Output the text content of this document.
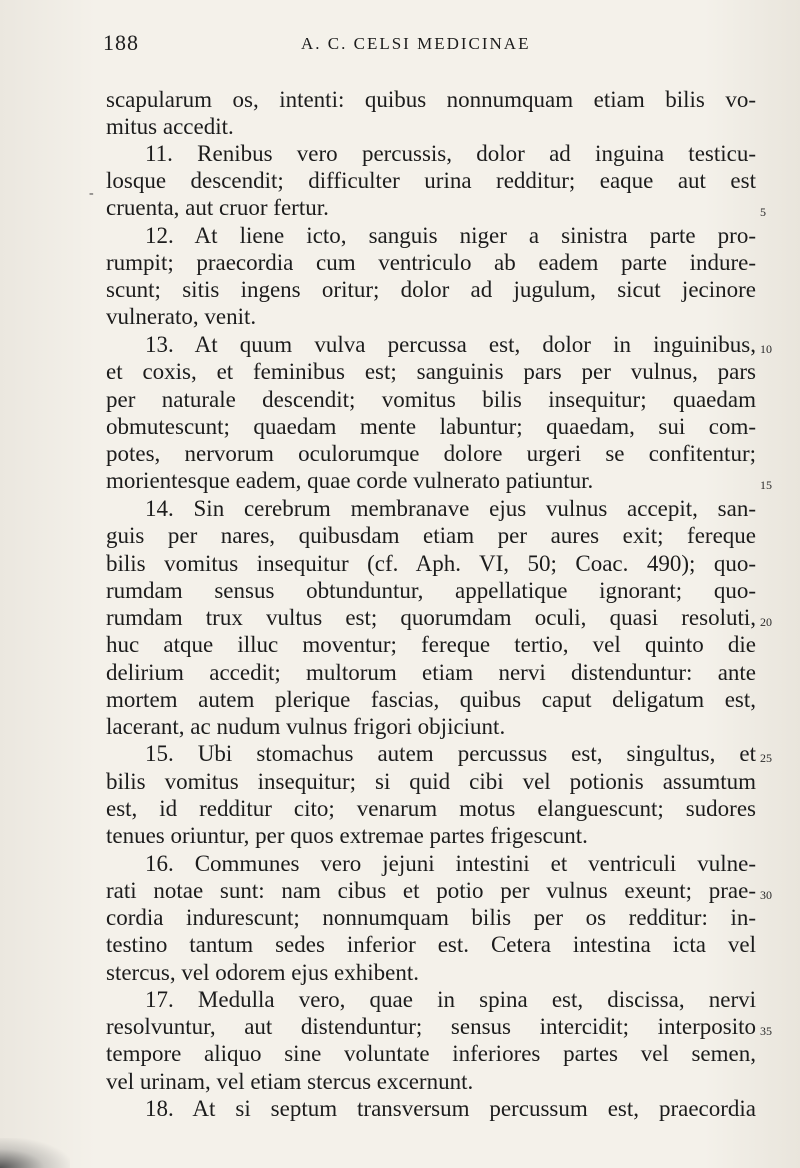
188	A. C. CELSI MEDICINAE
-
scapularum os, intenti: quibus nonnumquam etiam bilis vo-
mitus accedit.
11. Renibus vero percussis, dolor ad inguina testicu-
losque descendit; difficulter urina redditur; eaque aut est
cruenta, aut cruor fertur.
12. At liene icto, sanguis niger a sinistra parte pro-
rumpit; praecordia cum ventriculo ab eadem parte indure-
scunt; sitis ingens oritur; dolor ad jugulum, sicut jecinore
vulnerato, venit.
13. At quum vulva percussa est, dolor in inguinibus,
et coxis, et feminibus est; sanguinis pars per vulnus, pars
per naturale descendit; vomitus bilis insequitur; quaedam
obmutescunt; quaedam mente labuntur; quaedam, sui com-
potes, nervorum oculorumque dolore urgeri se confitentur;
morientesque eadem, quae corde vulnerato patiuntur.
14. Sin cerebrum membranave ejus vulnus accepit, san-
guis per nares, quibusdam etiam per aures exit; fereque
bilis vomitus insequitur (cf. Aph. VI, 50; Coac. 490); quo-
rumdam sensus obtunduntur, appellatique ignorant; quo-
rumdam trux vultus est; quorumdam oculi, quasi resoluti,
huc atque illuc moventur; fereque tertio, vel quinto die
delirium accedit; multorum etiam nervi distenduntur: ante
mortem autem plerique fascias, quibus caput deligatum est,
lacerant, ac nudum vulnus frigori objiciunt.
15. Ubi stomachus autem percussus est, singultus, et
bilis vomitus insequitur; si quid cibi vel potionis assumtum
est, id redditur cito; venarum motus elanguescunt; sudores
tenues oriuntur, per quos extremae partes frigescunt.
16. Communes vero jejuni intestini et ventriculi vulne-
rati notae sunt: nam cibus et potio per vulnus exeunt; prae-
cordia indurescunt; nonnumquam bilis per os redditur: in-
testino tantum sedes inferior est. Cetera intestina icta vel
stercus, vel odorem ejus exhibent.
17. Medulla vero, quae in spina est, discissa, nervi
resolvuntur, aut distenduntur; sensus intercidit; interposito
tempore aliquo sine voluntate inferiores partes vel semen,
vel urinam, vel etiam stercus excernunt.
18. At si septum transversum percussum est, praecordia
5
10
15
20
25
30
35
